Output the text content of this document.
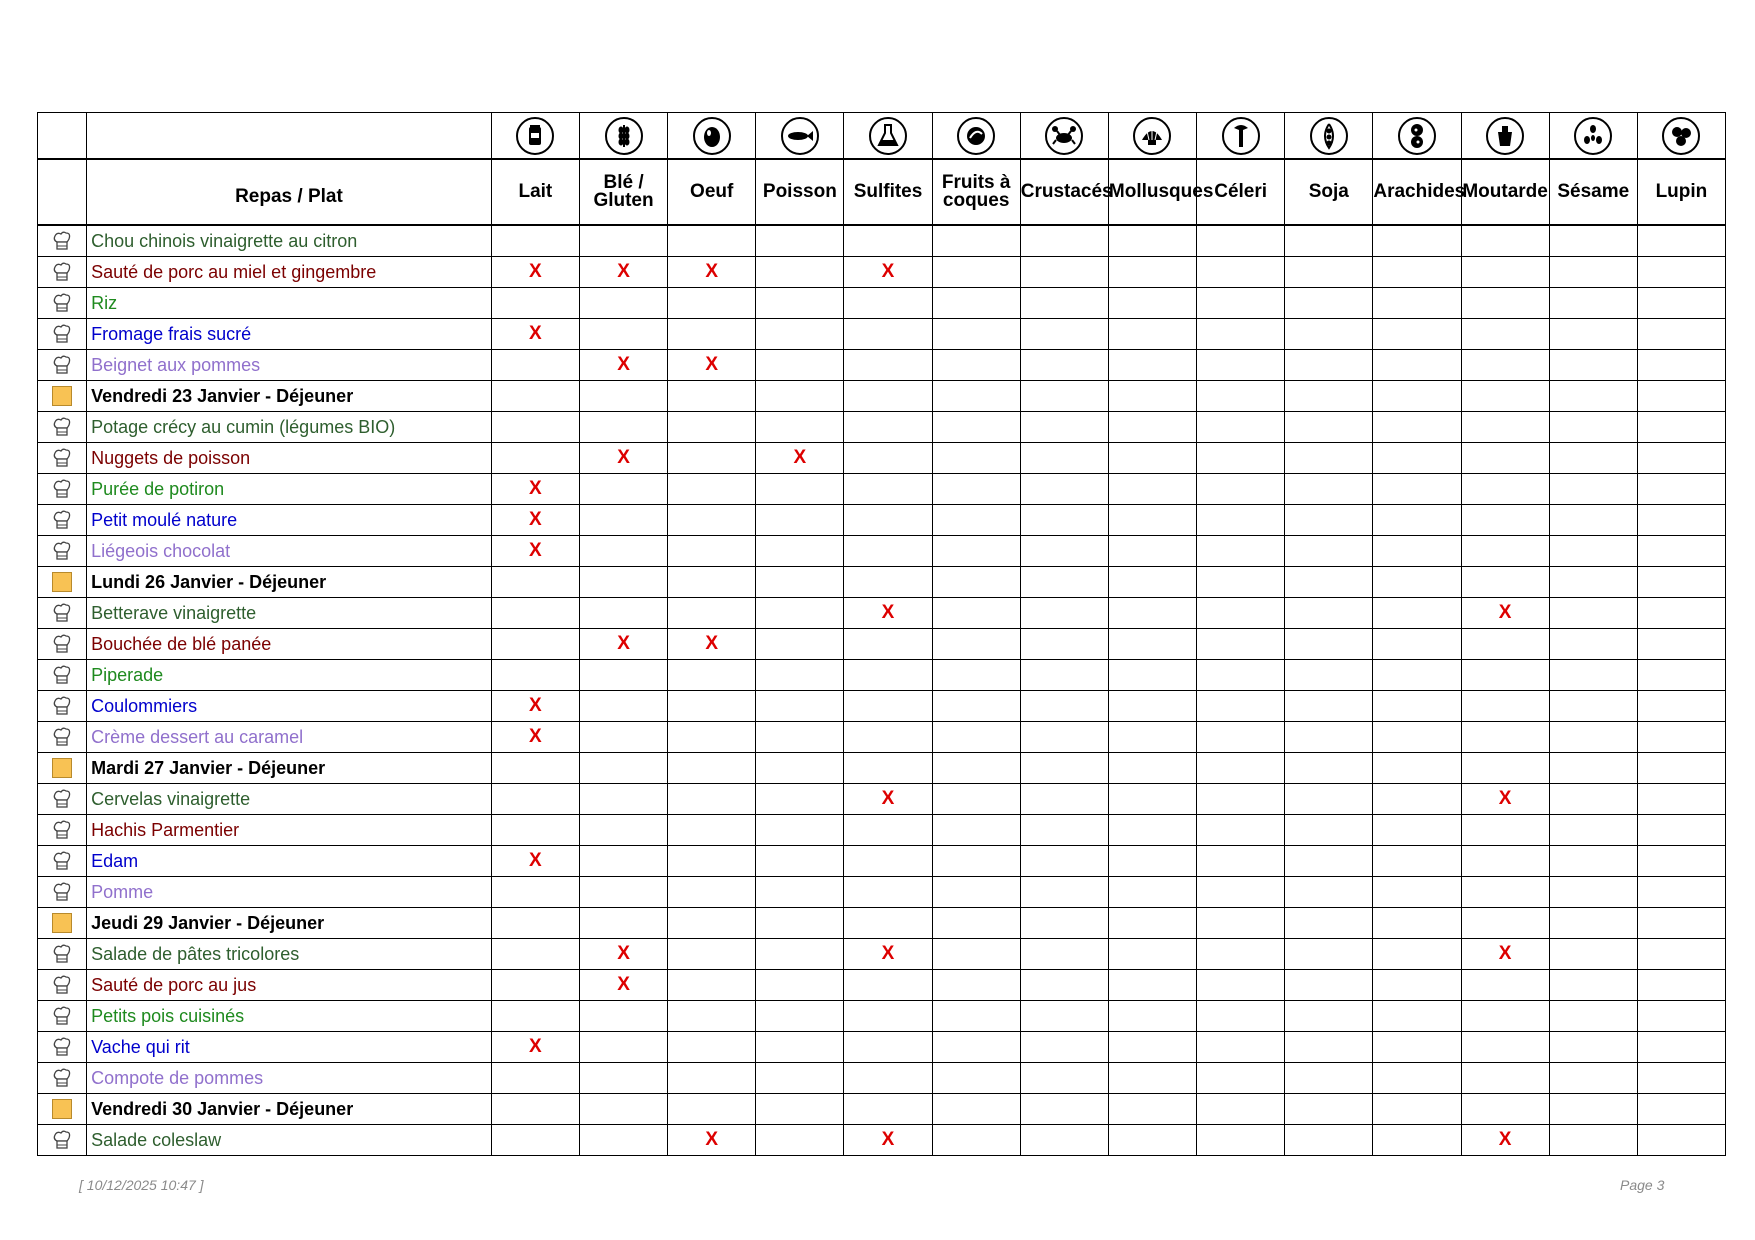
	Repas / Plat	Lait	Blé / Gluten	Oeuf	Poisson	Sulfites	Fruits à coques	Crustacés	Mollusques	Céleri	Soja	Arachides	Moutarde	Sésame	Lupin

	Chou chinois vinaigrette au citron														

	Sauté de porc au miel et gingembre	X	X	X		X									

	Riz														

	Fromage frais sucré	X													

	Beignet aux pommes		X	X											
	Vendredi 23 Janvier - Déjeuner														

	Potage crécy au cumin (légumes BIO)														

	Nuggets de poisson		X		X										

	Purée de potiron	X													

	Petit moulé nature	X													

	Liégeois chocolat	X													
	Lundi 26 Janvier - Déjeuner														

	Betterave vinaigrette					X							X		

	Bouchée de blé panée		X	X											

	Piperade														

	Coulommiers	X													

	Crème dessert au caramel	X													
	Mardi 27 Janvier - Déjeuner														

	Cervelas vinaigrette					X							X		

	Hachis Parmentier														

	Edam	X													

	Pomme														
	Jeudi 29 Janvier - Déjeuner														

	Salade de pâtes tricolores		X			X							X		

	Sauté de porc au jus		X												

	Petits pois cuisinés														

	Vache qui rit	X													

	Compote de pommes														
	Vendredi 30 Janvier - Déjeuner														

	Salade coleslaw			X		X							X		
[ 10/12/2025 10:47 ]	Page 3
